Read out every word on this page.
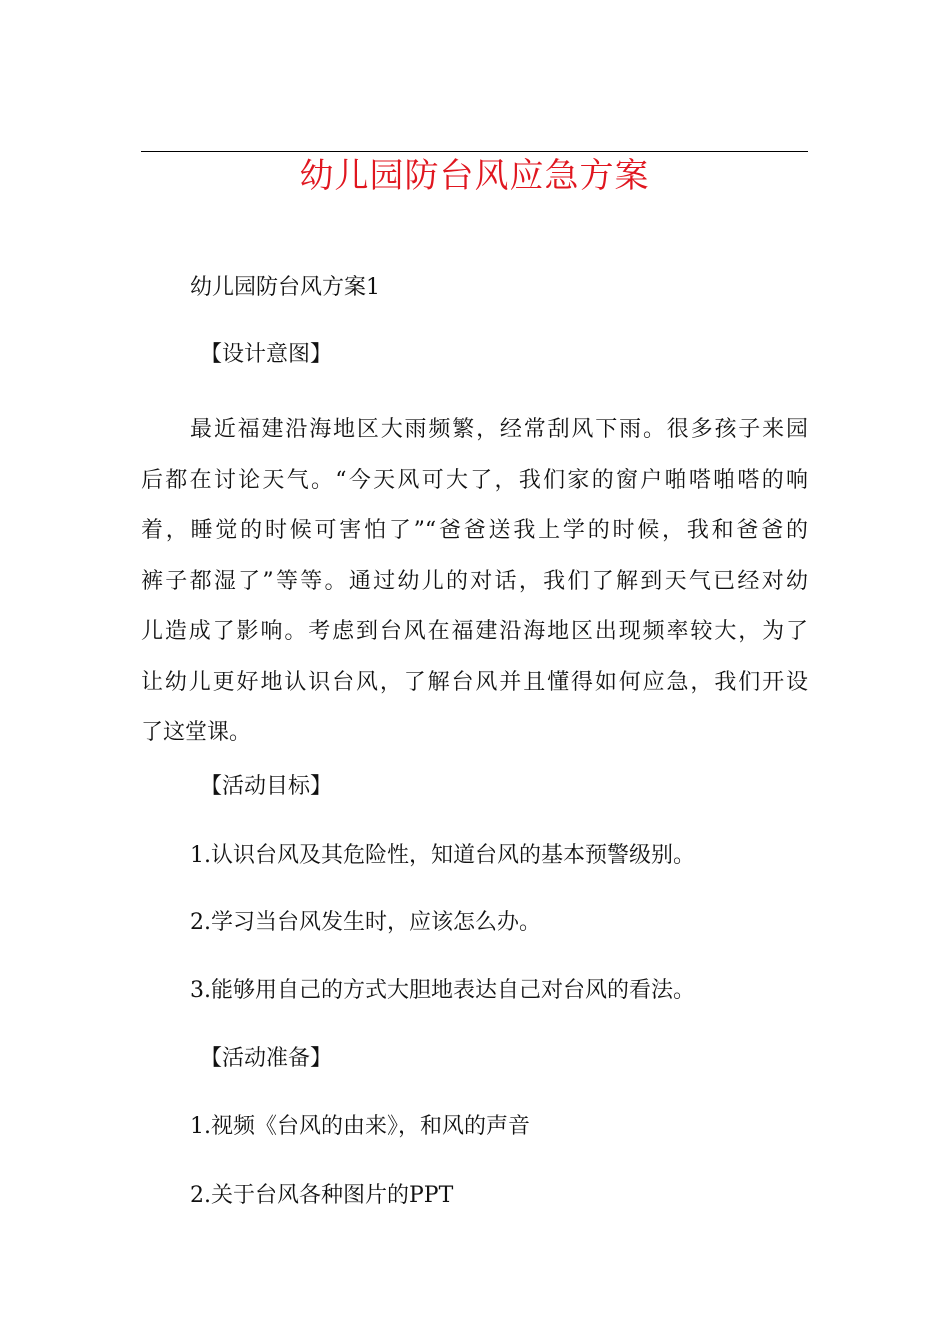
幼儿园防台风应急方案
幼儿园防台风方案1
【设计意图】
最近福建沿海地区大雨频繁，经常刮风下雨。很多孩子来园
后都在讨论天气。“今天风可大了，我们家的窗户啪嗒啪嗒的响
着，睡觉的时候可害怕了”“爸爸送我上学的时候，我和爸爸的
裤子都湿了”等等。通过幼儿的对话，我们了解到天气已经对幼
儿造成了影响。考虑到台风在福建沿海地区出现频率较大，为了
让幼儿更好地认识台风，了解台风并且懂得如何应急，我们开设
了这堂课。
【活动目标】
1.认识台风及其危险性，知道台风的基本预警级别。
2.学习当台风发生时，应该怎么办。
3.能够用自己的方式大胆地表达自己对台风的看法。
【活动准备】
1.视频《台风的由来》，和风的声音
2.关于台风各种图片的PPT
